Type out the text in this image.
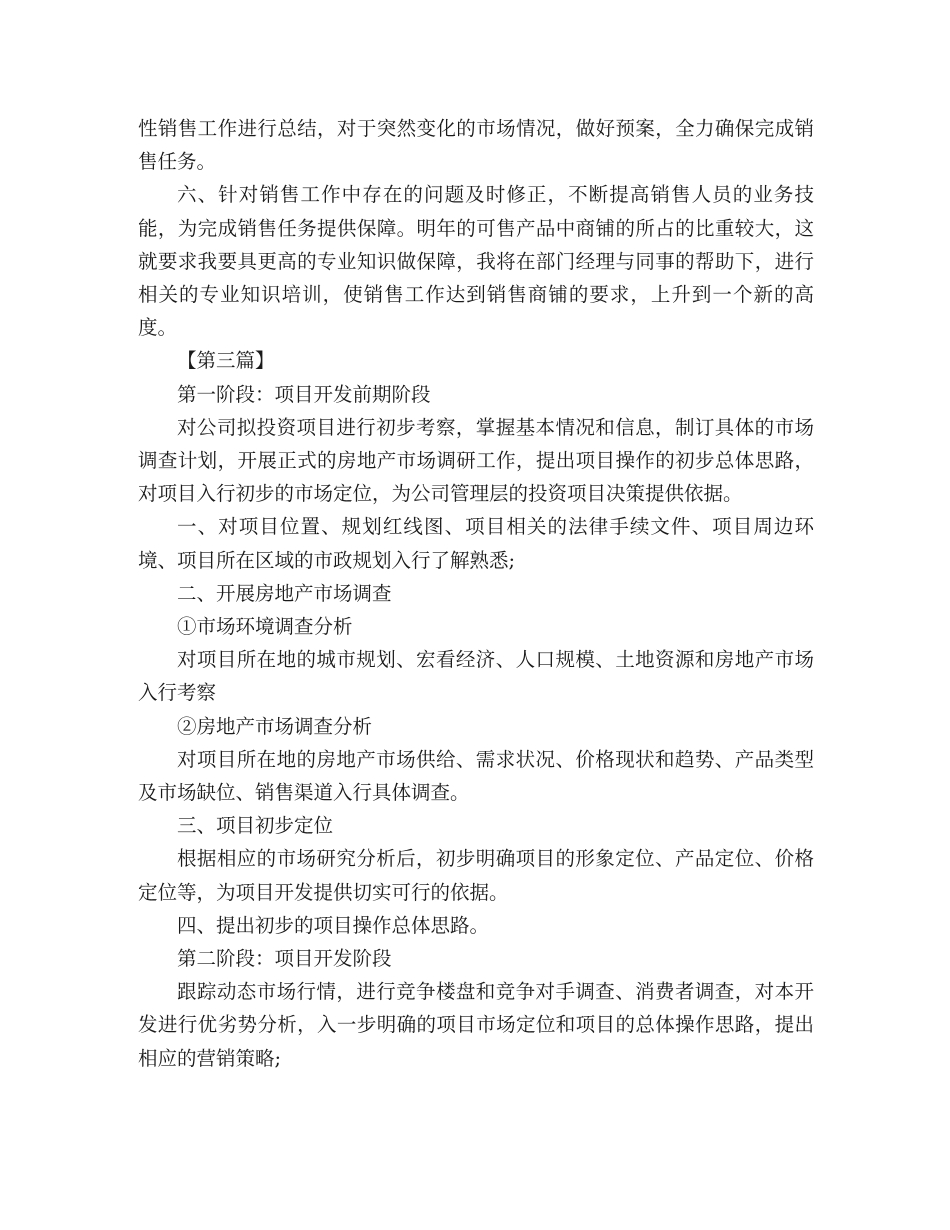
性销售工作进行总结，对于突然变化的市场情况，做好预案，全力确保完成销售任务。

六、针对销售工作中存在的问题及时修正，不断提高销售人员的业务技能，为完成销售任务提供保障。明年的可售产品中商铺的所占的比重较大，这就要求我要具更高的专业知识做保障，我将在部门经理与同事的帮助下，进行相关的专业知识培训，使销售工作达到销售商铺的要求，上升到一个新的高度。

【第三篇】

第一阶段：项目开发前期阶段

对公司拟投资项目进行初步考察，掌握基本情况和信息，制订具体的市场调查计划，开展正式的房地产市场调研工作，提出项目操作的初步总体思路，对项目入行初步的市场定位，为公司管理层的投资项目决策提供依据。

一、对项目位置、规划红线图、项目相关的法律手续文件、项目周边环境、项目所在区域的市政规划入行了解熟悉;

二、开展房地产市场调查

①市场环境调查分析

对项目所在地的城市规划、宏看经济、人口规模、土地资源和房地产市场入行考察

②房地产市场调查分析

对项目所在地的房地产市场供给、需求状况、价格现状和趋势、产品类型及市场缺位、销售渠道入行具体调查。

三、项目初步定位

根据相应的市场研究分析后，初步明确项目的形象定位、产品定位、价格定位等，为项目开发提供切实可行的依据。

四、提出初步的项目操作总体思路。

第二阶段：项目开发阶段

跟踪动态市场行情，进行竞争楼盘和竞争对手调查、消费者调查，对本开发进行优劣势分析，入一步明确的项目市场定位和项目的总体操作思路，提出相应的营销策略;
